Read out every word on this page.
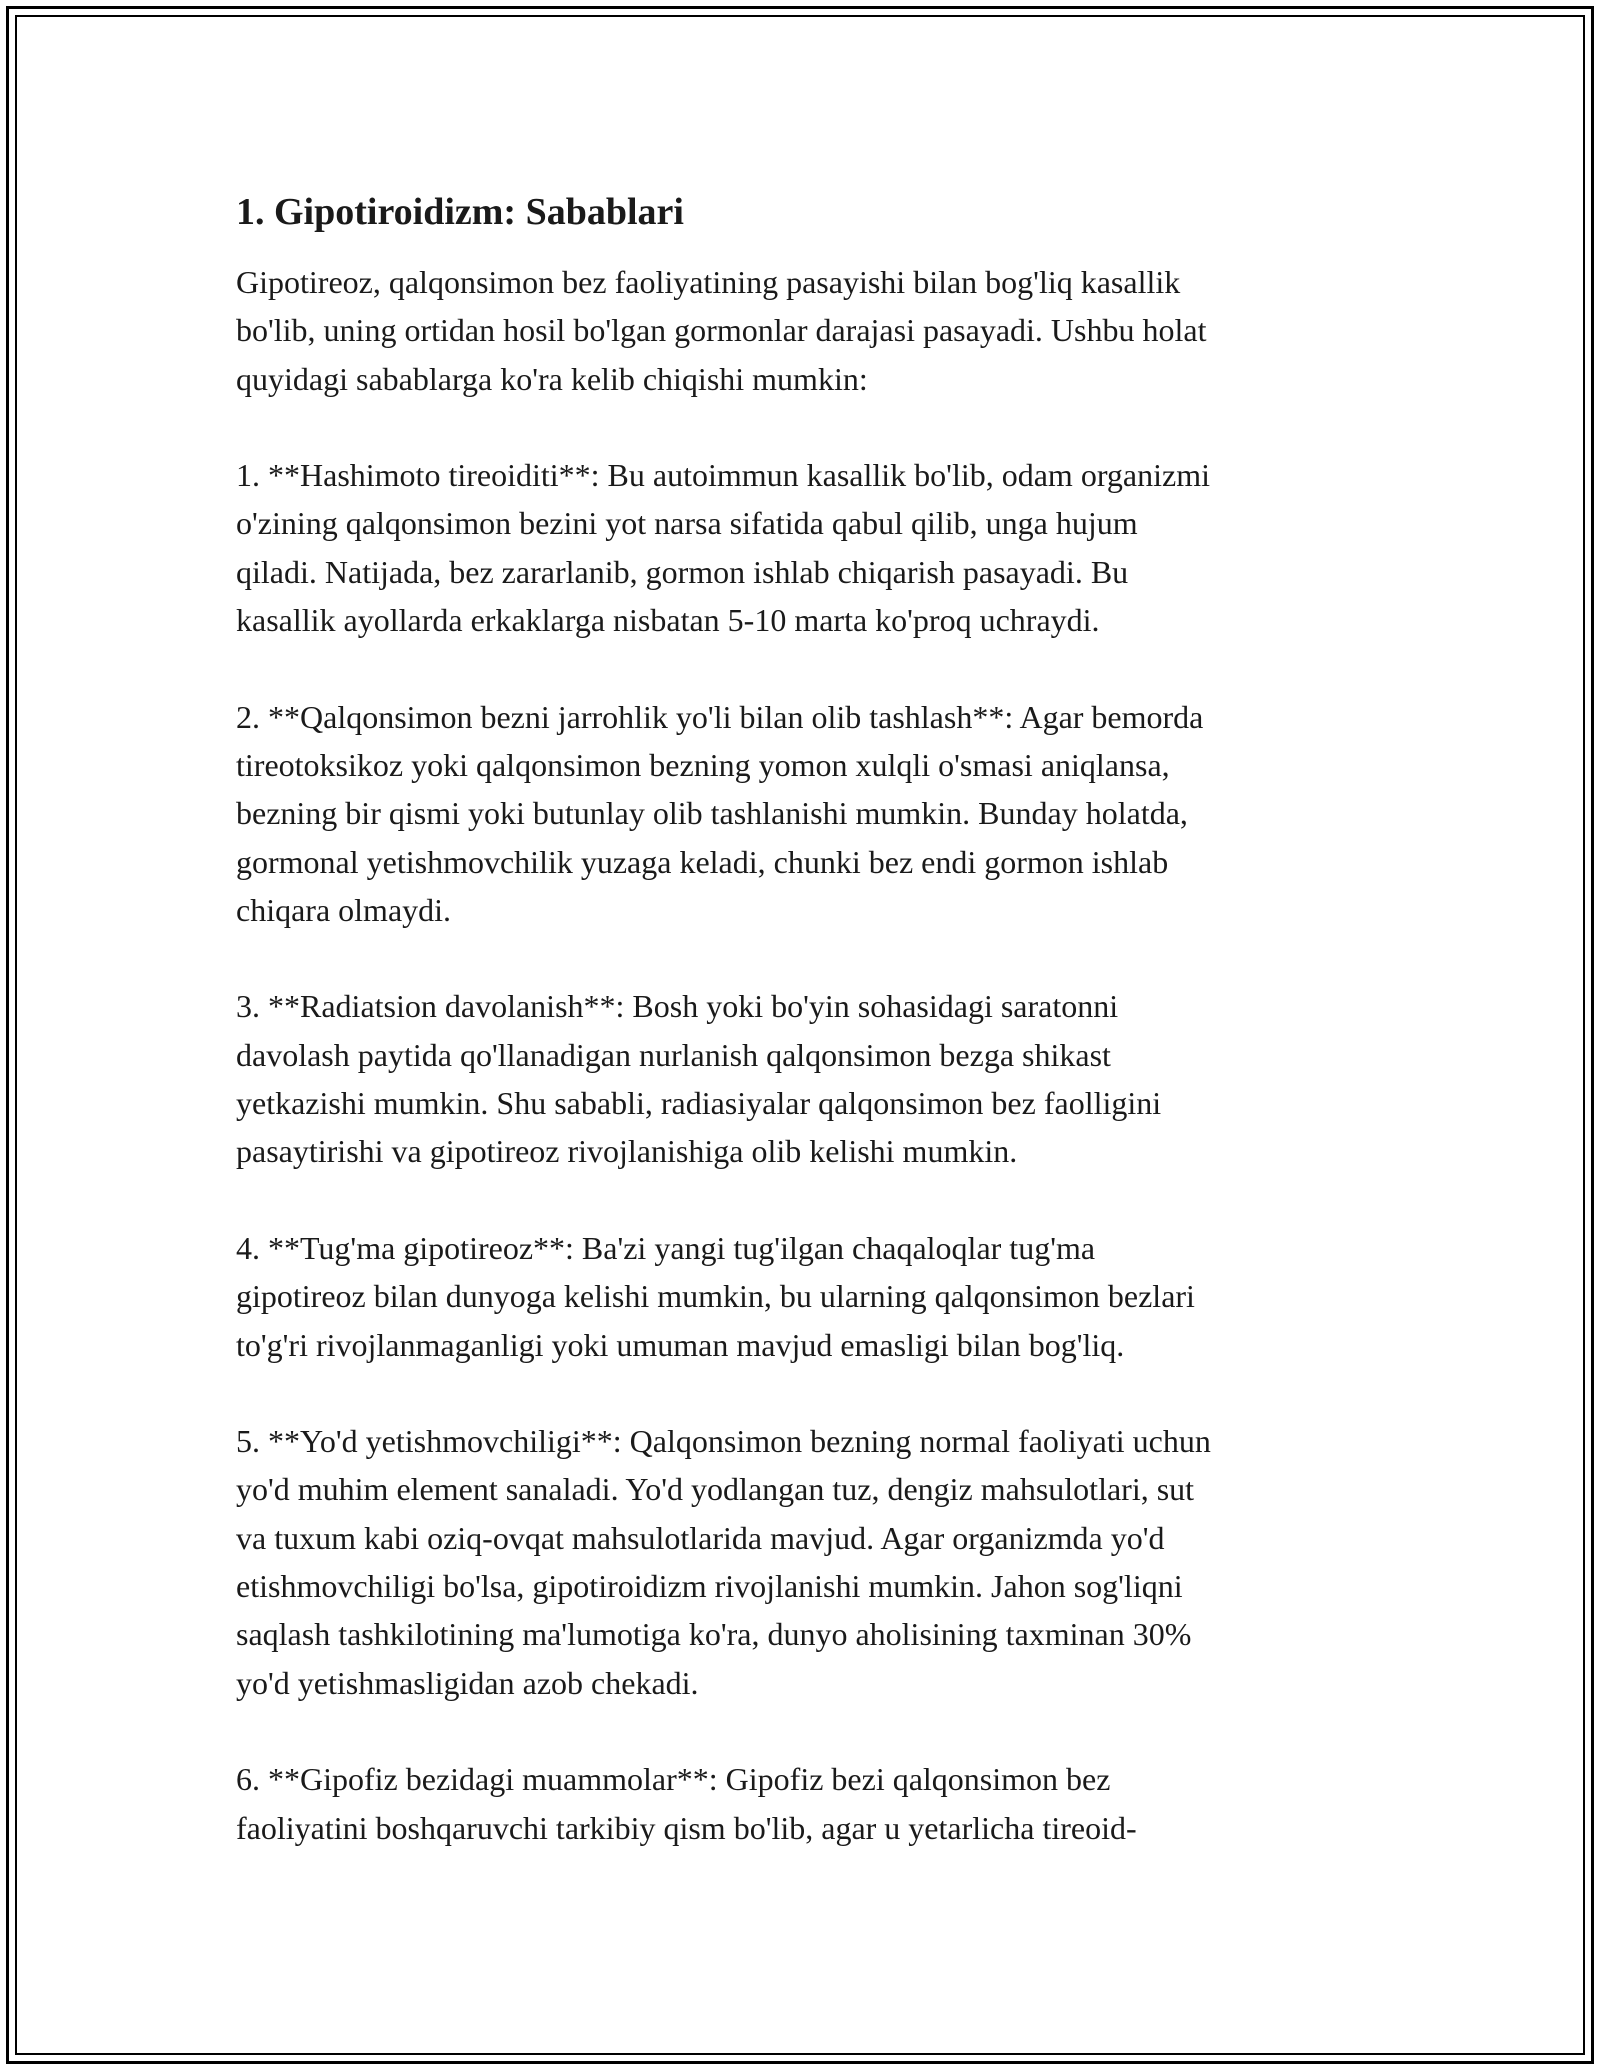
1. Gipotiroidizm: Sabablari

Gipotireoz, qalqonsimon bez faoliyatining pasayishi bilan bog'liq kasallik
bo'lib, uning ortidan hosil bo'lgan gormonlar darajasi pasayadi. Ushbu holat
quyidagi sabablarga ko'ra kelib chiqishi mumkin:

1. **Hashimoto tireoiditi**: Bu autoimmun kasallik bo'lib, odam organizmi
o'zining qalqonsimon bezini yot narsa sifatida qabul qilib, unga hujum
qiladi. Natijada, bez zararlanib, gormon ishlab chiqarish pasayadi. Bu
kasallik ayollarda erkaklarga nisbatan 5-10 marta ko'proq uchraydi.

2. **Qalqonsimon bezni jarrohlik yo'li bilan olib tashlash**: Agar bemorda
tireotoksikoz yoki qalqonsimon bezning yomon xulqli o'smasi aniqlansa,
bezning bir qismi yoki butunlay olib tashlanishi mumkin. Bunday holatda,
gormonal yetishmovchilik yuzaga keladi, chunki bez endi gormon ishlab
chiqara olmaydi.

3. **Radiatsion davolanish**: Bosh yoki bo'yin sohasidagi saratonni
davolash paytida qo'llanadigan nurlanish qalqonsimon bezga shikast
yetkazishi mumkin. Shu sababli, radiasiyalar qalqonsimon bez faolligini
pasaytirishi va gipotireoz rivojlanishiga olib kelishi mumkin.

4. **Tug'ma gipotireoz**: Ba'zi yangi tug'ilgan chaqaloqlar tug'ma
gipotireoz bilan dunyoga kelishi mumkin, bu ularning qalqonsimon bezlari
to'g'ri rivojlanmaganligi yoki umuman mavjud emasligi bilan bog'liq.

5. **Yo'd yetishmovchiligi**: Qalqonsimon bezning normal faoliyati uchun
yo'd muhim element sanaladi. Yo'd yodlangan tuz, dengiz mahsulotlari, sut
va tuxum kabi oziq-ovqat mahsulotlarida mavjud. Agar organizmda yo'd
etishmovchiligi bo'lsa, gipotiroidizm rivojlanishi mumkin. Jahon sog'liqni
saqlash tashkilotining ma'lumotiga ko'ra, dunyo aholisining taxminan 30%
yo'd yetishmasligidan azob chekadi.

6. **Gipofiz bezidagi muammolar**: Gipofiz bezi qalqonsimon bez
faoliyatini boshqaruvchi tarkibiy qism bo'lib, agar u yetarlicha tireoid-
